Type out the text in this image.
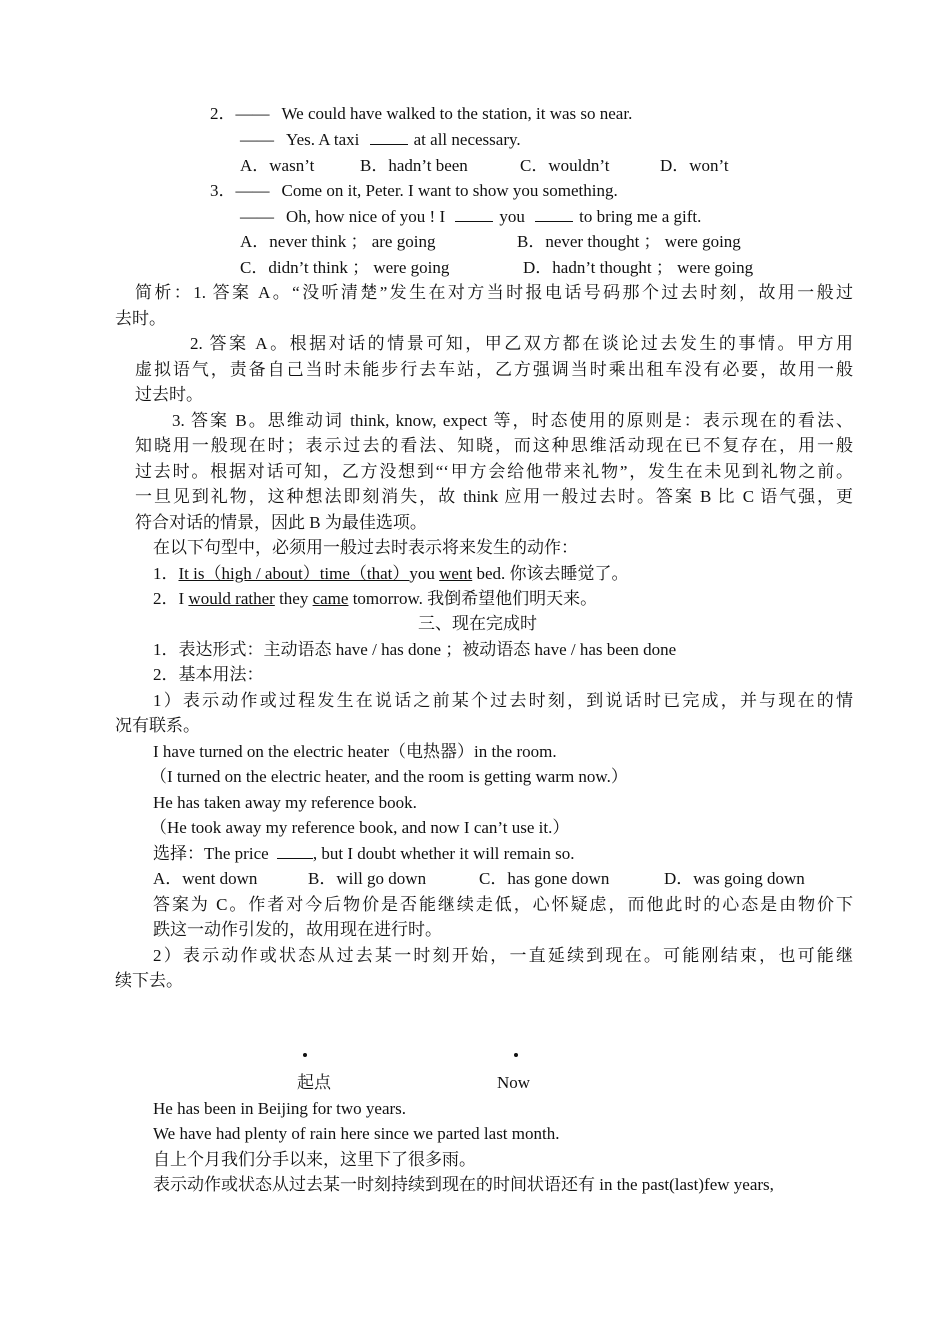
2．—— We could have walked to the station, it was so near.
—— Yes. A taxi	at all necessary.
A．wasn’t	B．hadn’t been	C．wouldn’t	D．won’t
3．—— Come on it, Peter. I want to show you something.
—— Oh, how nice of you ! I	you	to bring me a gift.
A．never think ； are going	B．never thought ； were going
C．didn’t think ； were going	D．hadn’t thought ； were going
简析：1. 答案 A。“没听清楚”发生在对方当时报电话号码那个过去时刻，故用一般过
去时。
2. 答案 A。根据对话的情景可知，甲乙双方都在谈论过去发生的事情。甲方用
虚拟语气，责备自己当时未能步行去车站，乙方强调当时乘出租车没有必要，故用一般
过去时。
3. 答案 B。思维动词 think, know, expect 等，时态使用的原则是：表示现在的看法、
知晓用一般现在时；表示过去的看法、知晓，而这种思维活动现在已不复存在，用一般
过去时。根据对话可知，乙方没想到“‘甲方会给他带来礼物”，发生在未见到礼物之前。
一旦见到礼物，这种想法即刻消失，故 think 应用一般过去时。答案 B 比 C 语气强，更
符合对话的情景，因此 B 为最佳选项。
在以下句型中，必须用一般过去时表示将来发生的动作：
1．It is（high / about）time（that）you went bed. 你该去睡觉了。
2．I would rather they came tomorrow. 我倒希望他们明天来。
三、现在完成时
1．表达形式：主动语态 have / has done ；被动语态 have / has been done
2．基本用法：
1）表示动作或过程发生在说话之前某个过去时刻，到说话时已完成，并与现在的情
况有联系。
I have turned on the electric heater（电热器）in the room.
（I turned on the electric heater, and the room is getting warm now.）
He has taken away my reference book.
（He took away my reference book, and now I can’t use it.）
选择：The price	, but I doubt whether it will remain so.
A．went down	B．will go down	C．has gone down	D．was going down
答案为 C。作者对今后物价是否能继续走低，心怀疑虑，而他此时的心态是由物价下
跌这一动作引发的，故用现在进行时。
2）表示动作或状态从过去某一时刻开始，一直延续到现在。可能刚结束，也可能继
续下去。
起点	Now
He has been in Beijing for two years.
We have had plenty of rain here since we parted last month.
自上个月我们分手以来，这里下了很多雨。
表示动作或状态从过去某一时刻持续到现在的时间状语还有 in the past(last)few years,
